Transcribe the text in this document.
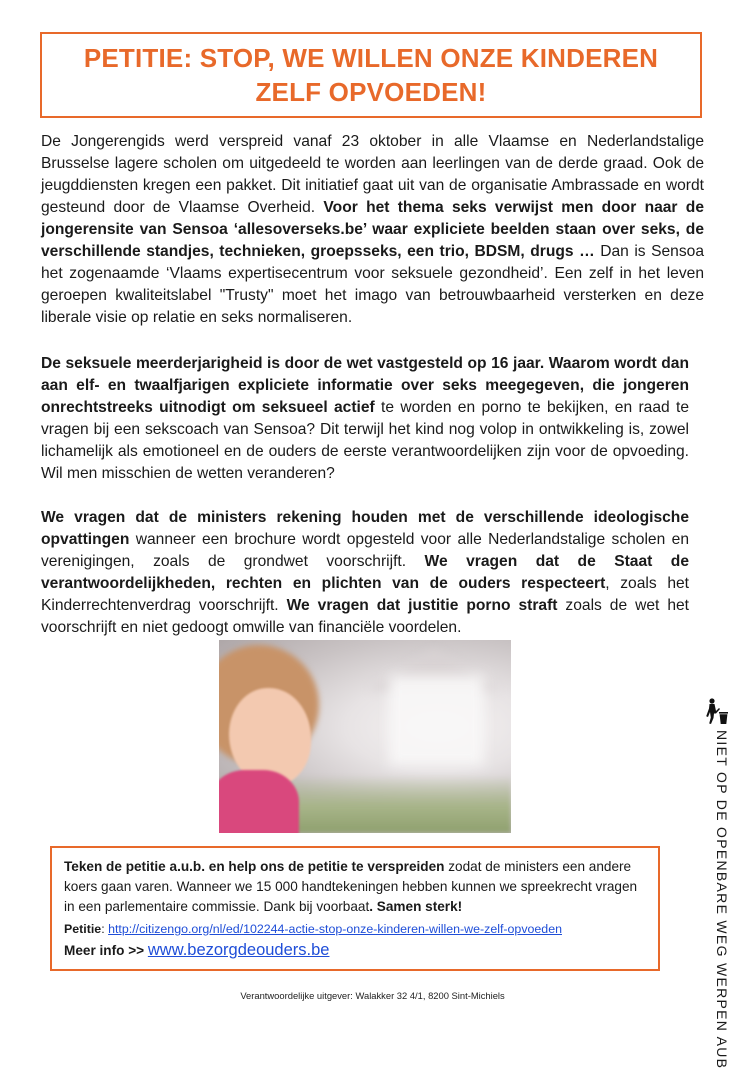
PETITIE: STOP, WE WILLEN ONZE KINDEREN
ZELF OPVOEDEN!

De Jongerengids werd verspreid vanaf 23 oktober in alle Vlaamse en Nederlandstalige Brusselse lagere scholen om uitgedeeld te worden aan leerlingen van de derde graad. Ook de jeugddiensten kregen een pakket. Dit initiatief gaat uit van de organisatie Ambrassade en wordt gesteund door de Vlaamse Overheid. Voor het thema seks verwijst men door naar de jongerensite van Sensoa ‘allesoverseks.be’ waar expliciete beelden staan over seks, de verschillende standjes, technieken, groepsseks, een trio, BDSM, drugs … Dan is Sensoa het zogenaamde ‘Vlaams expertisecentrum voor seksuele gezondheid’. Een zelf in het leven geroepen kwaliteitslabel "Trusty" moet het imago van betrouwbaarheid versterken en deze liberale visie op relatie en seks normaliseren.

De seksuele meerderjarigheid is door de wet vastgesteld op 16 jaar. Waarom wordt dan aan elf- en twaalfjarigen expliciete informatie over seks meegegeven, die jongeren onrechtstreeks uitnodigt om seksueel actief te worden en porno te bekijken, en raad te vragen bij een sekscoach van Sensoa? Dit terwijl het kind nog volop in ontwikkeling is, zowel lichamelijk als emotioneel en de ouders de eerste verantwoordelijken zijn voor de opvoeding. Wil men misschien de wetten veranderen?

We vragen dat de ministers rekening houden met de verschillende ideologische opvattingen wanneer een brochure wordt opgesteld voor alle Nederlandstalige scholen en verenigingen, zoals de grondwet voorschrijft. We vragen dat de Staat de verantwoordelijkheden, rechten en plichten van de ouders respecteert, zoals het Kinderrechtenverdrag voorschrijft. We vragen dat justitie porno straft zoals de wet het voorschrijft en niet gedoogt omwille van financiële voordelen.

Teken de petitie a.u.b. en help ons de petitie te verspreiden zodat de ministers een andere koers gaan varen. Wanneer we 15 000 handtekeningen hebben kunnen we spreekrecht vragen in een parlementaire commissie. Dank bij voorbaat. Samen sterk!

Petitie: http://citizengo.org/nl/ed/102244-actie-stop-onze-kinderen-willen-we-zelf-opvoeden
Meer info >> www.bezorgdeouders.be
Verantwoordelijke uitgever: Walakker 32 4/1, 8200 Sint-Michiels	NIET OP DE OPENBARE WEG WERPEN AUB
